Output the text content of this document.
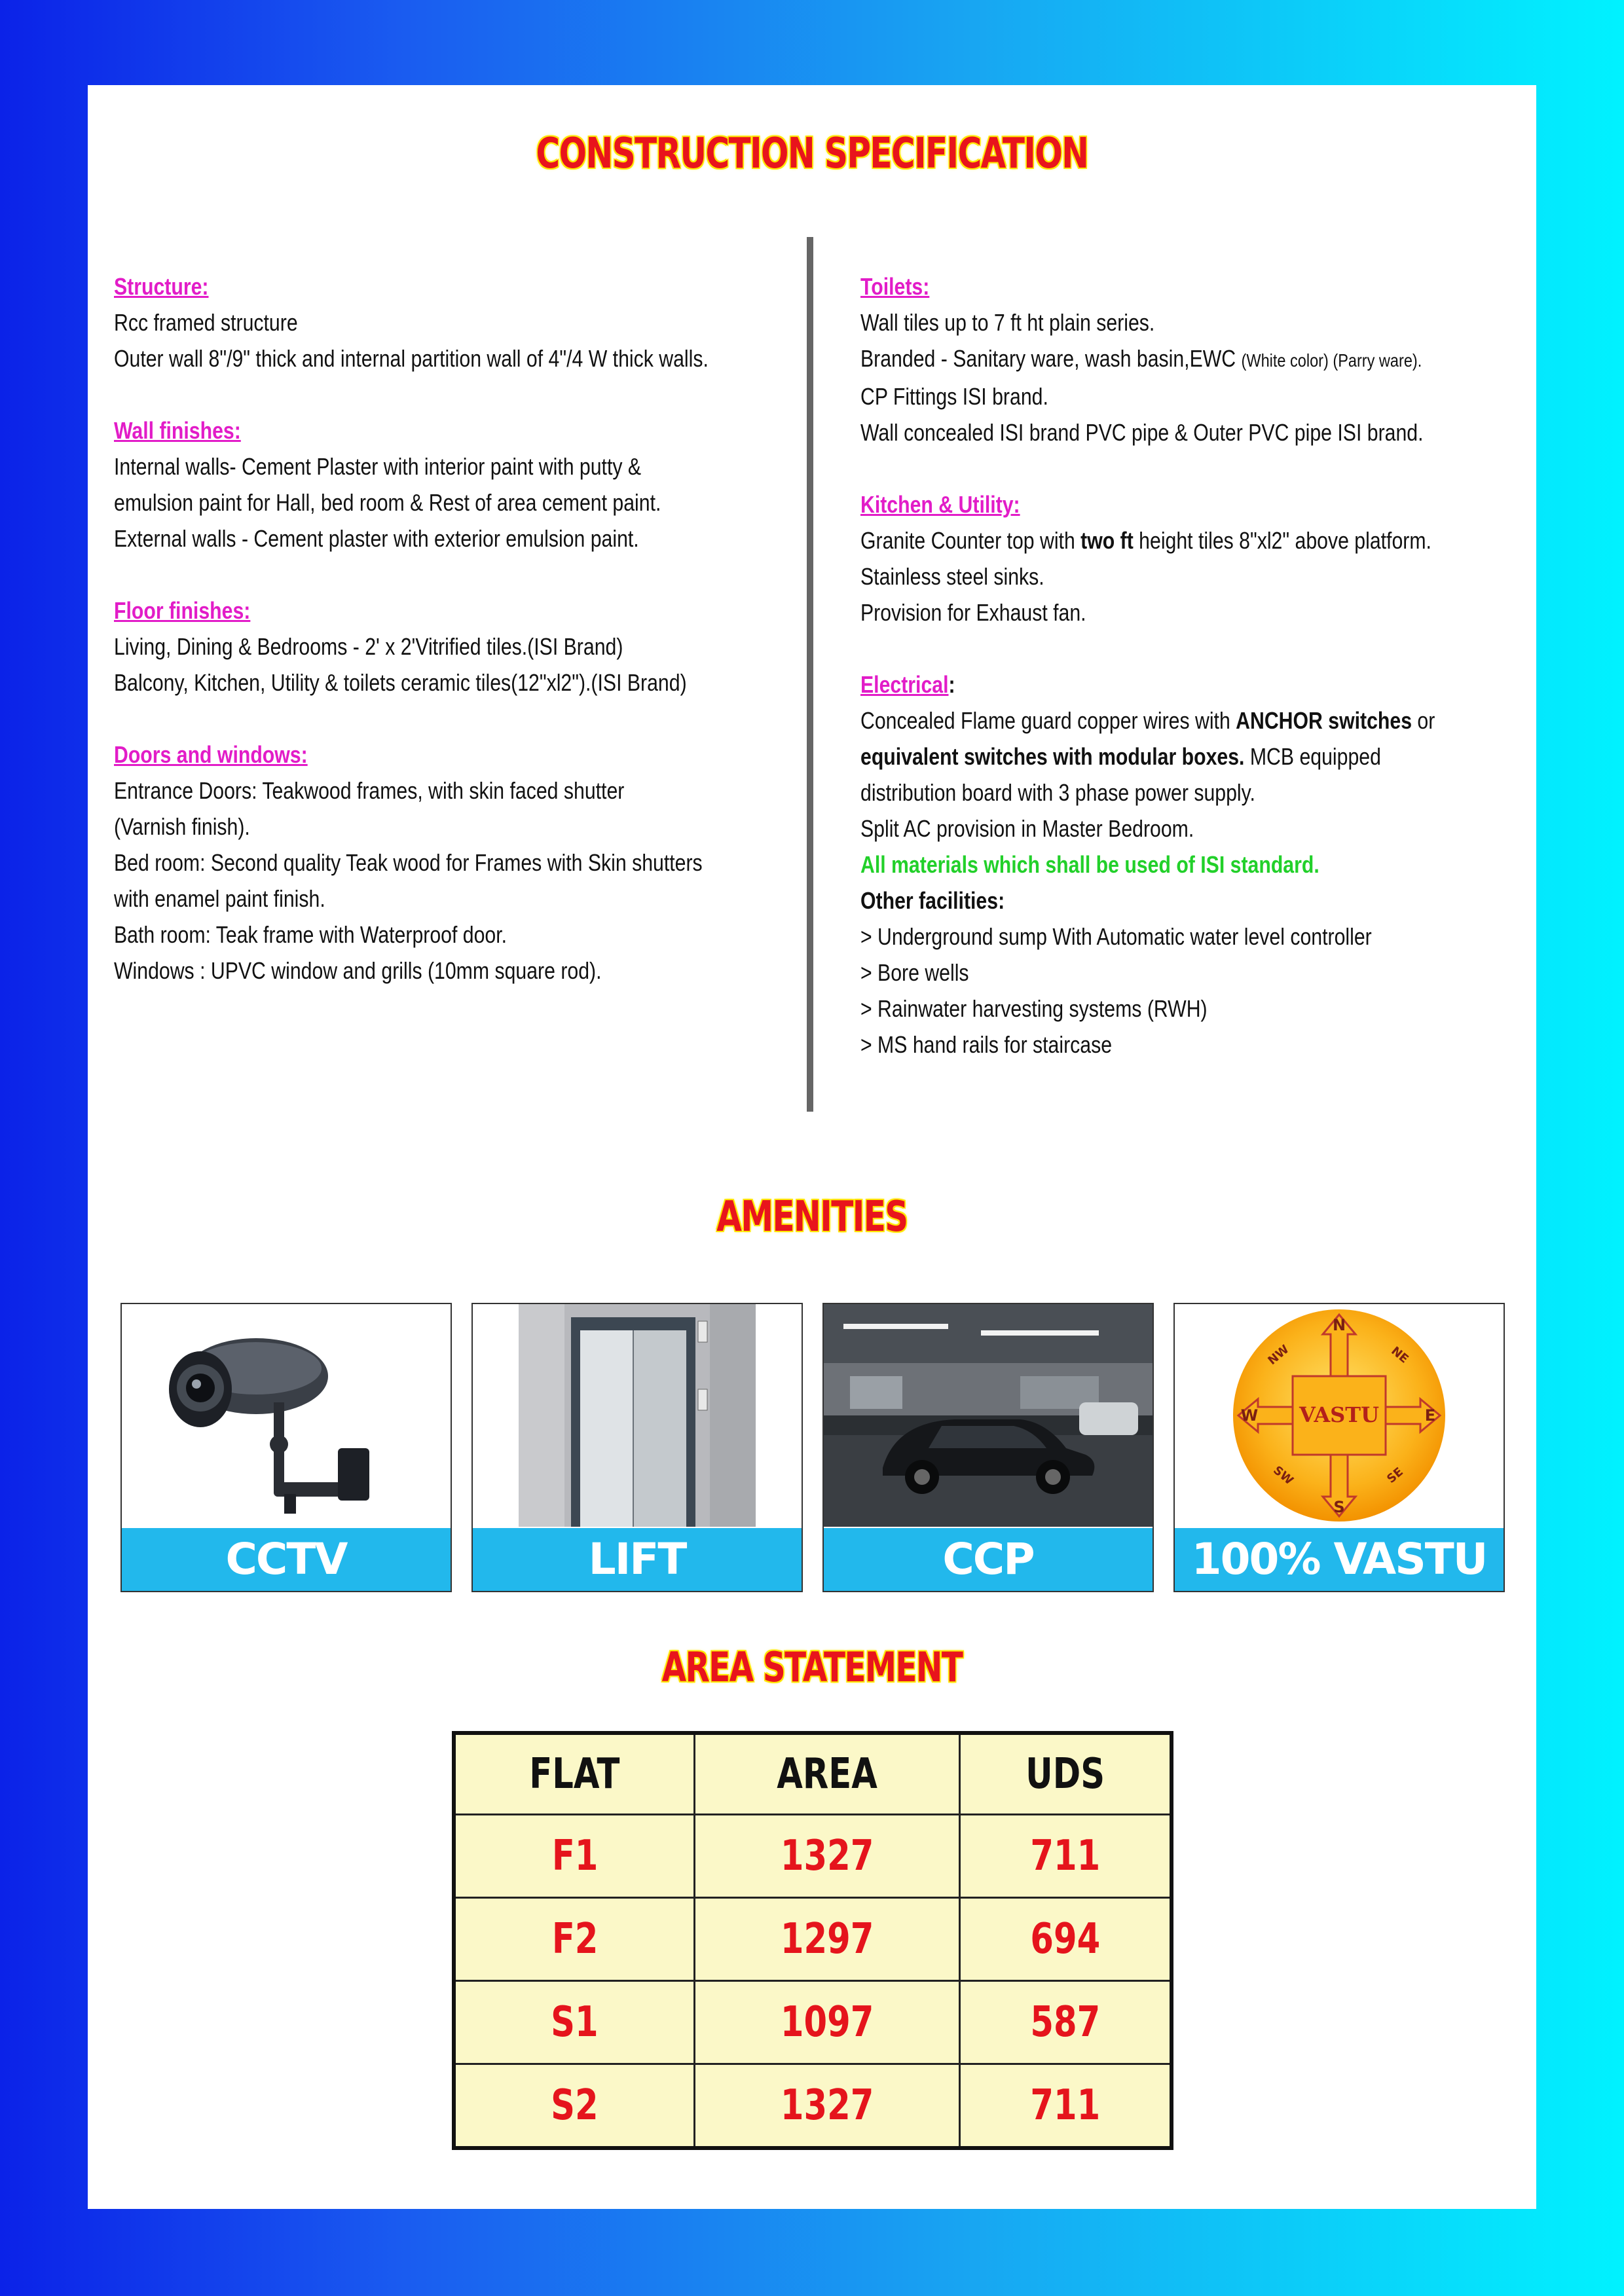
CONSTRUCTION SPECIFICATION
Structure:
Rcc framed structure
Outer wall 8"/9" thick and internal partition wall of 4"/4 W thick walls.
Wall finishes:
Internal walls- Cement Plaster with interior paint with putty &
emulsion paint for Hall, bed room & Rest of area cement paint.
External walls - Cement plaster with exterior emulsion paint.
Floor finishes:
Living, Dining & Bedrooms - 2' x 2'Vitrified tiles.(ISI Brand)
Balcony, Kitchen, Utility & toilets ceramic tiles(12"xl2").(ISI Brand)
Doors and windows:
Entrance Doors: Teakwood frames, with skin faced shutter
(Varnish finish).
Bed room: Second quality Teak wood for Frames with Skin shutters
with enamel paint finish.
Bath room: Teak frame with Waterproof door.
Windows : UPVC window and grills (10mm square rod).
Toilets:
Wall tiles up to 7 ft ht plain series.
Branded - Sanitary ware, wash basin,EWC (White color) (Parry ware).
CP Fittings ISI brand.
Wall concealed ISI brand PVC pipe & Outer PVC pipe ISI brand.
Kitchen & Utility:
Granite Counter top with two ft height tiles 8"xl2" above platform.
Stainless steel sinks.
Provision for Exhaust fan.
Electrical:
Concealed Flame guard copper wires with ANCHOR switches or
equivalent switches with modular boxes. MCB equipped
distribution board with 3 phase power supply.
Split AC provision in Master Bedroom.
All materials which shall be used of ISI standard.
Other facilities:
> Underground sump With Automatic water level controller
> Bore wells
> Rainwater harvesting systems (RWH)
> MS hand rails for staircase
AMENITIES
CCTV	LIFT	CCP
N
S
E
W
NE
NW
SE
SW
VASTU
100% VASTU
AREA STATEMENT
FLAT	AREA	UDS
F1	1327	711
F2	1297	694
S1	1097	587
S2	1327	711
